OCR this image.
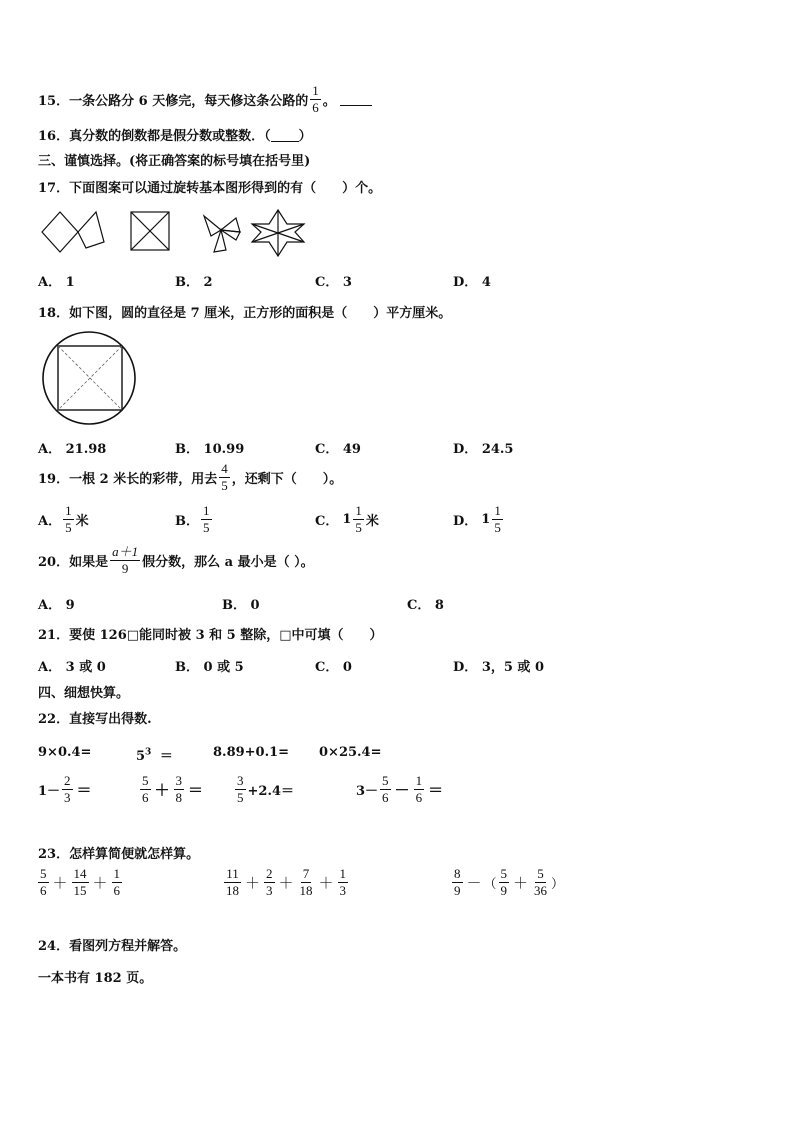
15． 一条公路分 6 天修完，每天修这条公路的 $\frac{1}{6}$ 。
16． 真分数的倒数都是假分数或整数．（ ）
三、谨慎选择。(将正确答案的标号填在括号里)
17． 下面图案可以通过旋转基本图形得到的有（　　）个。
A． 1	B． 2	C． 3	D． 4
18． 如下图，圆的直径是 7 厘米，正方形的面积是（　　）平方厘米。
A． 21.98	B． 10.99	C． 49	D． 24.5
19． 一根 2 米长的彩带，用去 $\frac{4}{5}$ ，还剩下（　　）。
A． $\frac{1}{5}$ 米	B． $\frac{1}{5}$	C． $1 \frac{1}{5}$ 米	D． $1 \frac{1}{5}$
20． 如果是 $\frac{a+1}{9}$ 假分数，那么 a 最小是（ ）。
A． 9	B． 0	C． 8
21． 要使 126□能同时被 3 和 5 整除，□中可填（　　）
A． 3 或 0	B． 0 或 5	C． 0	D． 3，5 或 0
四、细想快算。
22． 直接写出得数.
9×0.4=	$5^3$ ＝	8.89+0.1= 0×25.4=
$1- \frac{2}{3}$ ＝	$\frac{5}{6} + \frac{3}{8} = \frac{3}{5} +2.4=$	$3- \frac{5}{6} - \frac{1}{6}$ ＝
23． 怎样算简便就怎样算。
$\frac{5}{6} + \frac{14}{15} + \frac{1}{6}$	$\frac{11}{18} + \frac{2}{3} + \frac{7}{18} + \frac{1}{3}$	$\frac{8}{9}$ － （ $\frac{5}{9} + \frac{5}{36}$ ）
24． 看图列方程并解答。
一本书有 182 页。
